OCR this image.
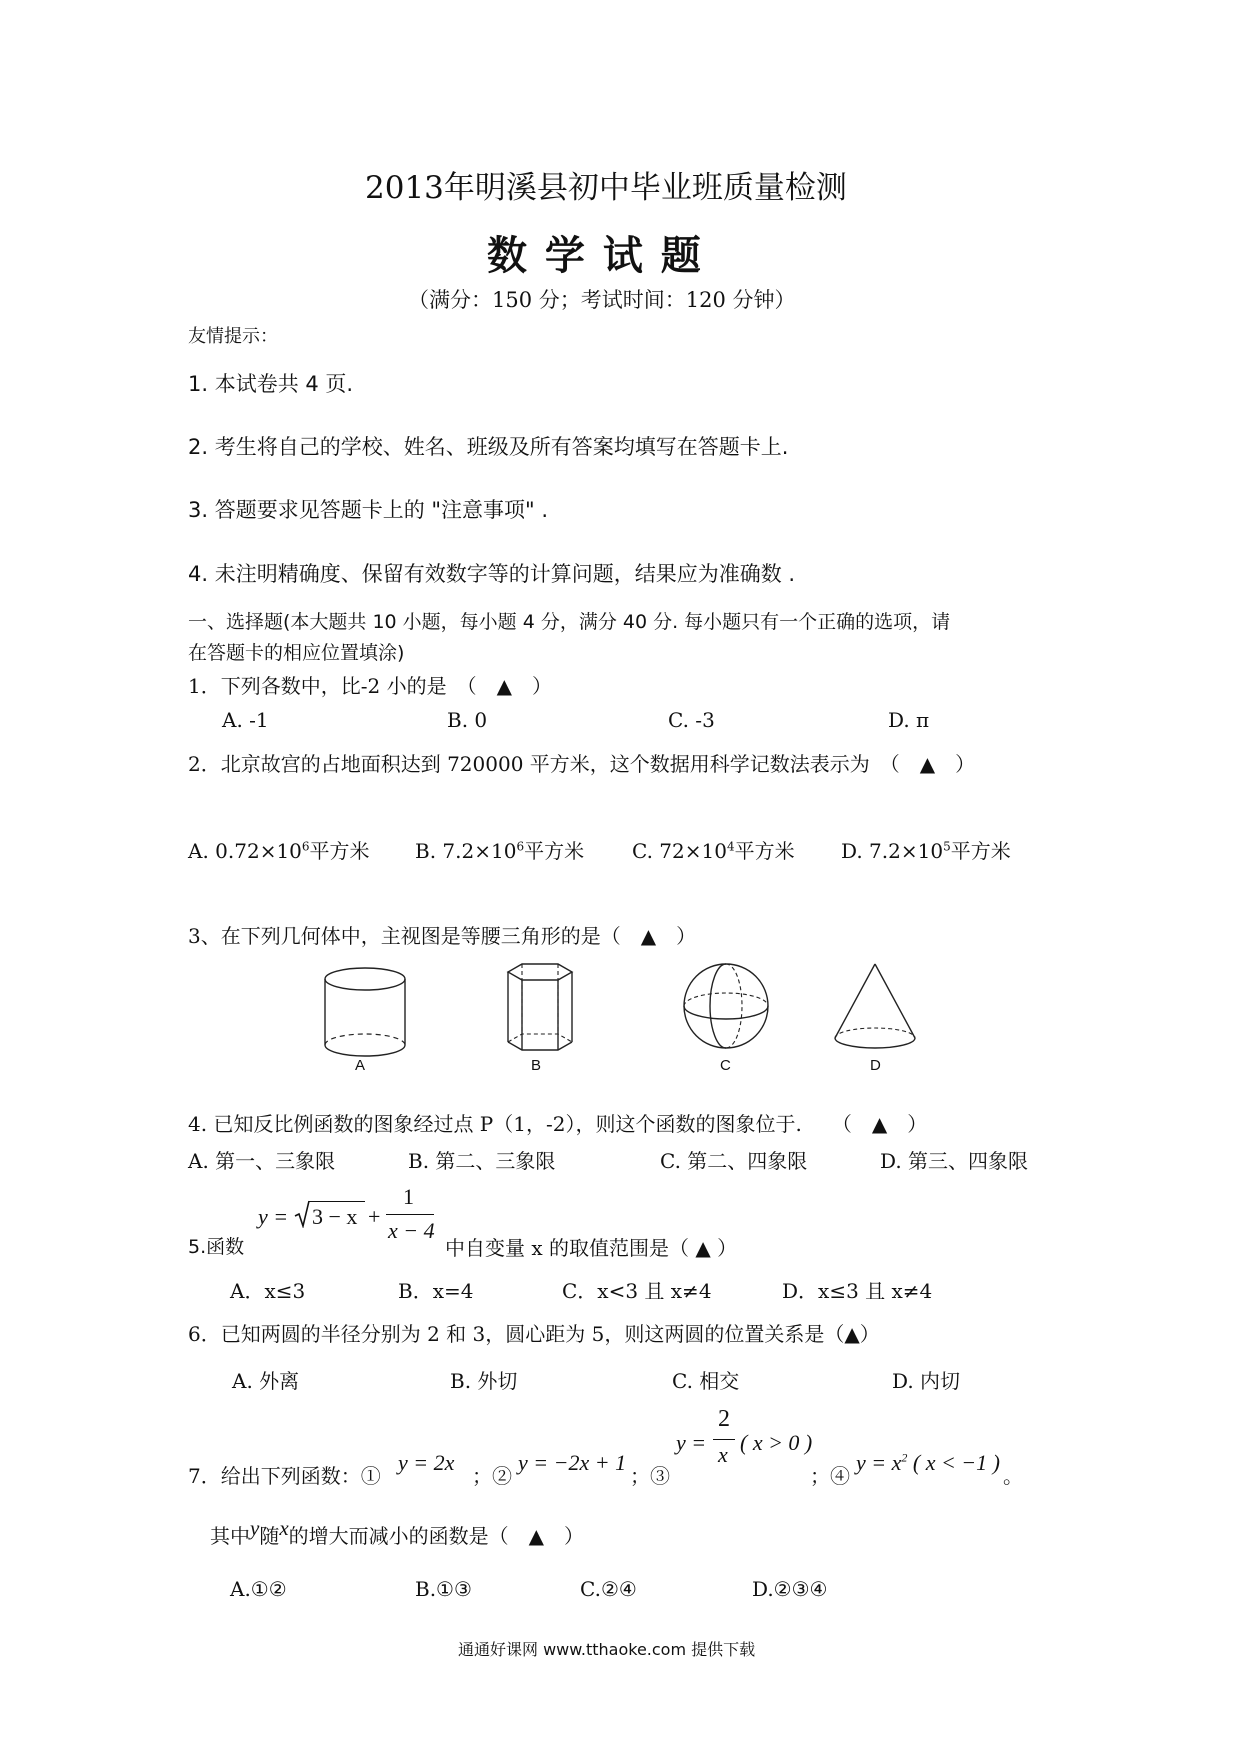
2013年明溪县初中毕业班质量检测
数 学 试 题
（满分：150 分；考试时间：120 分钟）
友情提示：
1. 本试卷共 4 页.
2. 考生将自己的学校、姓名、班级及所有答案均填写在答题卡上.
3. 答题要求见答题卡上的 "注意事项" .
4. 未注明精确度、保留有效数字等的计算问题，结果应为准确数 .
一、选择题(本大题共 10 小题，每小题 4 分，满分 40 分. 每小题只有一个正确的选项，请
在答题卡的相应位置填涂)
1．下列各数中，比-2 小的是　（　▲　）
A. -1	B. 0	C. -3	D. π
2．北京故宫的占地面积达到 720000 平方米，这个数据用科学记数法表示为　（　▲　）
A. $0.72\times 10^6$平方米 B. $7.2\times 10^6$平方米 C. $72\times 10^4$平方米 D. $7.2\times 10^5$平方米
3、在下列几何体中，主视图是等腰三角形的是（　▲　）
A	B	C	D
4. 已知反比例函数的图象经过点 P（1，-2），则这个函数的图象位于.　　（　▲　）
A. 第一、三象限	B. 第二、三象限	C. 第二、四象限	D. 第三、四象限
5.函数
y = 3 − x +
1
x − 4
中自变量 x 的取值范围是（ ▲ ）
A．x≤3	B．x=4	C．x<3 且 x≠4	D．x≤3 且 x≠4
6．已知两圆的半径分别为 2 和 3，圆心距为 5，则这两圆的位置关系是（▲）
A. 外离	B. 外切	C. 相交	D. 内切
7．给出下列函数：①
y = 2x
；②
y = −2x + 1
；③
y =
2
x ( x > 0 )
；④
$y = x^2$ ( x < −1 )
。
其中y随x的增大而减小的函数是（　▲　）
A.①②	B.①③	C.②④	D.②③④
通通好课网 www.tthaoke.com 提供下载
